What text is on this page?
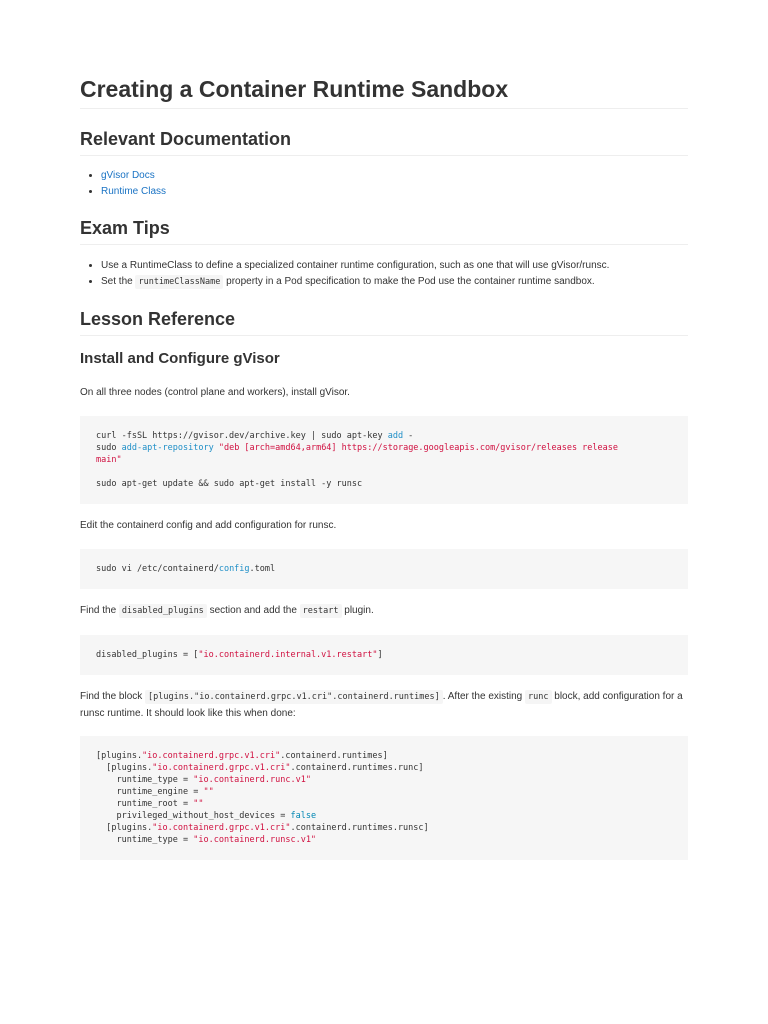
Creating a Container Runtime Sandbox
Relevant Documentation
• gVisor Docs
• Runtime Class
Exam Tips
• Use a RuntimeClass to define a specialized container runtime configuration, such as one that will use gVisor/runsc.
• Set the runtimeClassName property in a Pod specification to make the Pod use the container runtime sandbox.
Lesson Reference
Install and Configure gVisor

On all three nodes (control plane and workers), install gVisor.

curl -fsSL https://gvisor.dev/archive.key | sudo apt-key add -
sudo add-apt-repository "deb [arch=amd64,arm64] https://storage.googleapis.com/gvisor/releases release
main"

sudo apt-get update && sudo apt-get install -y runsc

Edit the containerd config and add configuration for runsc.

sudo vi /etc/containerd/config.toml

Find the disabled_plugins section and add the restart plugin.

disabled_plugins = ["io.containerd.internal.v1.restart"]

Find the block [plugins."io.containerd.grpc.v1.cri".containerd.runtimes] . After the existing runc block, add configuration for a runsc runtime. It should look like this when done:

[plugins."io.containerd.grpc.v1.cri".containerd.runtimes]
[plugins."io.containerd.grpc.v1.cri".containerd.runtimes.runc]
runtime_type = "io.containerd.runc.v1"
runtime_engine = ""
runtime_root = ""
privileged_without_host_devices = false
[plugins."io.containerd.grpc.v1.cri".containerd.runtimes.runsc]
runtime_type = "io.containerd.runsc.v1"
